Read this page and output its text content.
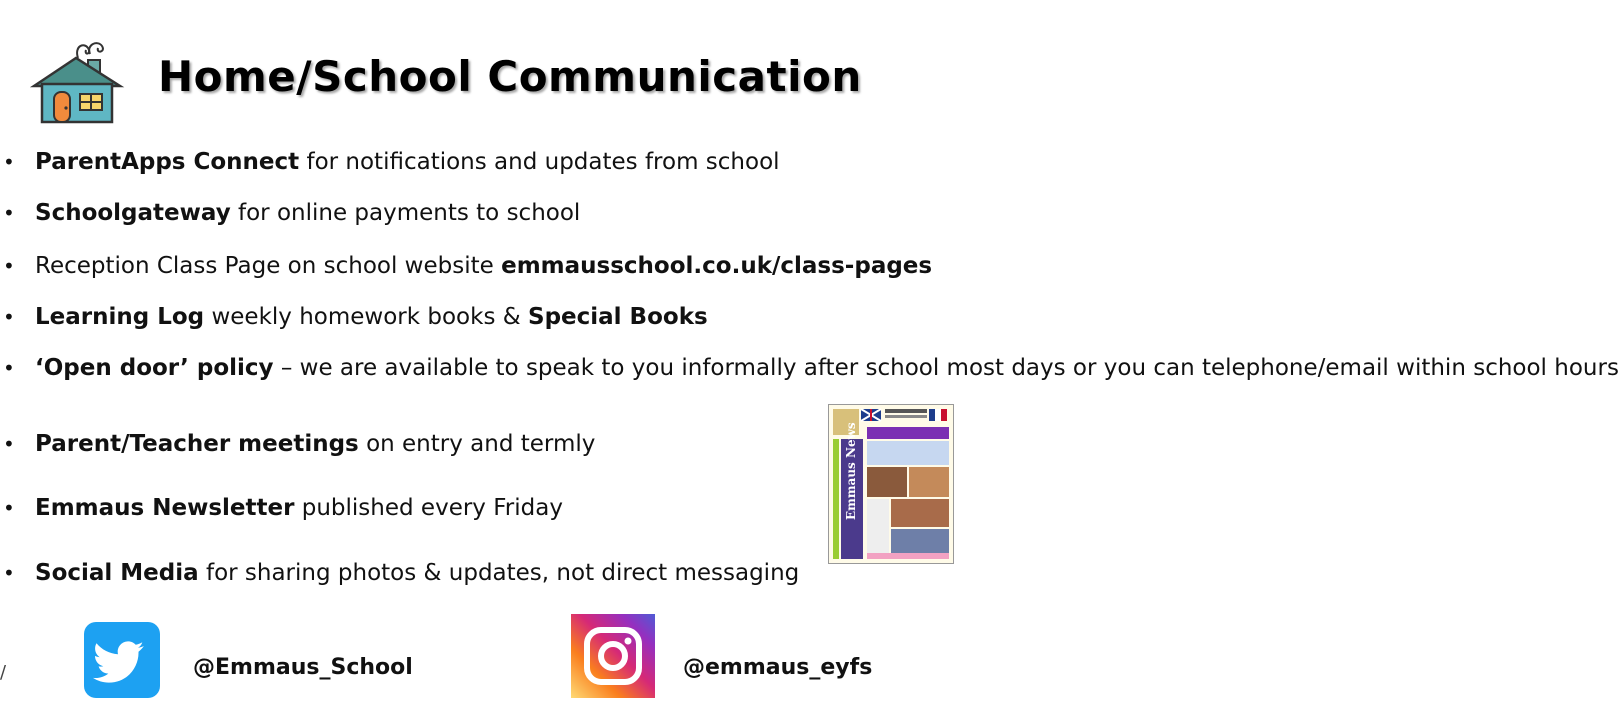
Home/School Communication
• ParentApps Connect for notifications and updates from school
• Schoolgateway for online payments to school
• Reception Class Page on school website emmausschool.co.uk/class-pages
• Learning Log weekly homework books & Special Books
• ‘Open door’ policy – we are available to speak to you informally after school most days or you can telephone/email within school hours
• Parent/Teacher meetings on entry and termly
• Emmaus Newsletter published every Friday
• Social Media for sharing photos & updates, not direct messaging
Emmaus News
@Emmaus_School	@emmaus_eyfs
/
